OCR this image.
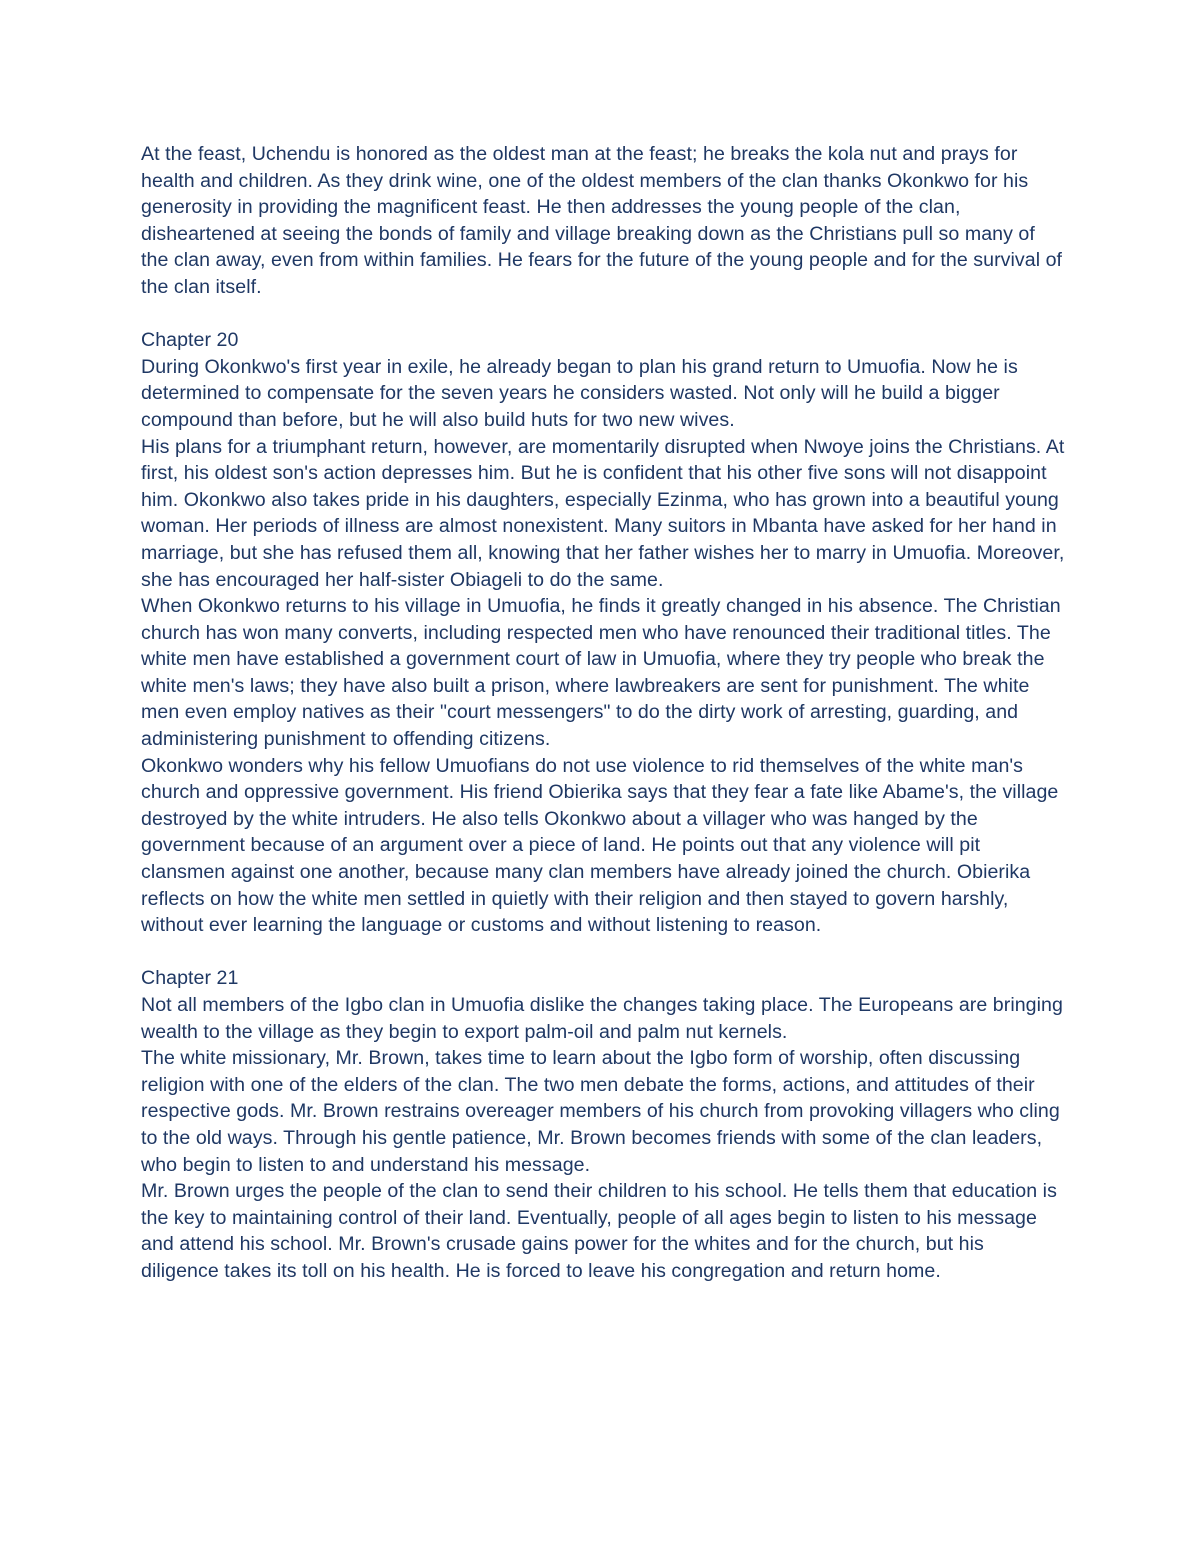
At the feast, Uchendu is honored as the oldest man at the feast; he breaks the kola nut and prays for health and children. As they drink wine, one of the oldest members of the clan thanks Okonkwo for his generosity in providing the magnificent feast. He then addresses the young people of the clan, disheartened at seeing the bonds of family and village breaking down as the Christians pull so many of the clan away, even from within families. He fears for the future of the young people and for the survival of the clan itself.

Chapter 20

During Okonkwo's first year in exile, he already began to plan his grand return to Umuofia. Now he is determined to compensate for the seven years he considers wasted. Not only will he build a bigger compound than before, but he will also build huts for two new wives.

His plans for a triumphant return, however, are momentarily disrupted when Nwoye joins the Christians. At first, his oldest son's action depresses him. But he is confident that his other five sons will not disappoint him. Okonkwo also takes pride in his daughters, especially Ezinma, who has grown into a beautiful young woman. Her periods of illness are almost nonexistent. Many suitors in Mbanta have asked for her hand in marriage, but she has refused them all, knowing that her father wishes her to marry in Umuofia. Moreover, she has encouraged her half-sister Obiageli to do the same.

When Okonkwo returns to his village in Umuofia, he finds it greatly changed in his absence. The Christian church has won many converts, including respected men who have renounced their traditional titles. The white men have established a government court of law in Umuofia, where they try people who break the white men's laws; they have also built a prison, where lawbreakers are sent for punishment. The white men even employ natives as their "court messengers" to do the dirty work of arresting, guarding, and administering punishment to offending citizens.

Okonkwo wonders why his fellow Umuofians do not use violence to rid themselves of the white man's church and oppressive government. His friend Obierika says that they fear a fate like Abame's, the village destroyed by the white intruders. He also tells Okonkwo about a villager who was hanged by the government because of an argument over a piece of land. He points out that any violence will pit clansmen against one another, because many clan members have already joined the church. Obierika reflects on how the white men settled in quietly with their religion and then stayed to govern harshly, without ever learning the language or customs and without listening to reason.

Chapter 21

Not all members of the Igbo clan in Umuofia dislike the changes taking place. The Europeans are bringing wealth to the village as they begin to export palm-oil and palm nut kernels.

The white missionary, Mr. Brown, takes time to learn about the Igbo form of worship, often discussing religion with one of the elders of the clan. The two men debate the forms, actions, and attitudes of their respective gods. Mr. Brown restrains overeager members of his church from provoking villagers who cling to the old ways. Through his gentle patience, Mr. Brown becomes friends with some of the clan leaders, who begin to listen to and understand his message.

Mr. Brown urges the people of the clan to send their children to his school. He tells them that education is the key to maintaining control of their land. Eventually, people of all ages begin to listen to his message and attend his school. Mr. Brown's crusade gains power for the whites and for the church, but his diligence takes its toll on his health. He is forced to leave his congregation and return home.
